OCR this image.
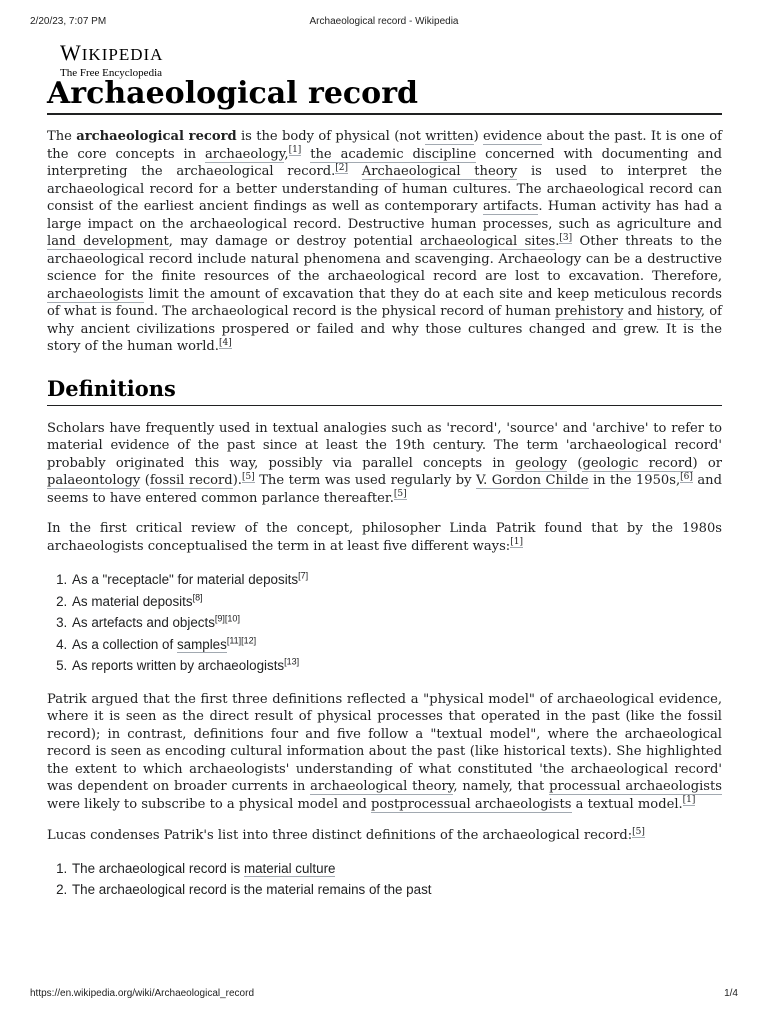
2/20/23, 7:07 PM	Archaeological record - Wikipedia
WIKIPEDIA
The Free Encyclopedia
Archaeological record

The archaeological record is the body of physical (not written) evidence about the past. It is one of the core concepts in archaeology,[1] the academic discipline concerned with documenting and interpreting the archaeological record.[2] Archaeological theory is used to interpret the archaeological record for a better understanding of human cultures. The archaeological record can consist of the earliest ancient findings as well as contemporary artifacts. Human activity has had a large impact on the archaeological record. Destructive human processes, such as agriculture and land development, may damage or destroy potential archaeological sites.[3] Other threats to the archaeological record include natural phenomena and scavenging. Archaeology can be a destructive science for the finite resources of the archaeological record are lost to excavation. Therefore, archaeologists limit the amount of excavation that they do at each site and keep meticulous records of what is found. The archaeological record is the physical record of human prehistory and history, of why ancient civilizations prospered or failed and why those cultures changed and grew. It is the story of the human world.[4]

Definitions

Scholars have frequently used in textual analogies such as 'record', 'source' and 'archive' to refer to material evidence of the past since at least the 19th century. The term 'archaeological record' probably originated this way, possibly via parallel concepts in geology (geologic record) or palaeontology (fossil record).[5] The term was used regularly by V. Gordon Childe in the 1950s,[6] and seems to have entered common parlance thereafter.[5]

In the first critical review of the concept, philosopher Linda Patrik found that by the 1980s archaeologists conceptualised the term in at least five different ways:[1]

1. As a "receptacle" for material deposits[7]
2. As material deposits[8]
3. As artefacts and objects[9][10]
4. As a collection of samples[11][12]
5. As reports written by archaeologists[13]

Patrik argued that the first three definitions reflected a "physical model" of archaeological evidence, where it is seen as the direct result of physical processes that operated in the past (like the fossil record); in contrast, definitions four and five follow a "textual model", where the archaeological record is seen as encoding cultural information about the past (like historical texts). She highlighted the extent to which archaeologists' understanding of what constituted 'the archaeological record' was dependent on broader currents in archaeological theory, namely, that processual archaeologists were likely to subscribe to a physical model and postprocessual archaeologists a textual model.[1]

Lucas condenses Patrik's list into three distinct definitions of the archaeological record:[5]

1. The archaeological record is material culture
2. The archaeological record is the material remains of the past
https://en.wikipedia.org/wiki/Archaeological_record	1/4
